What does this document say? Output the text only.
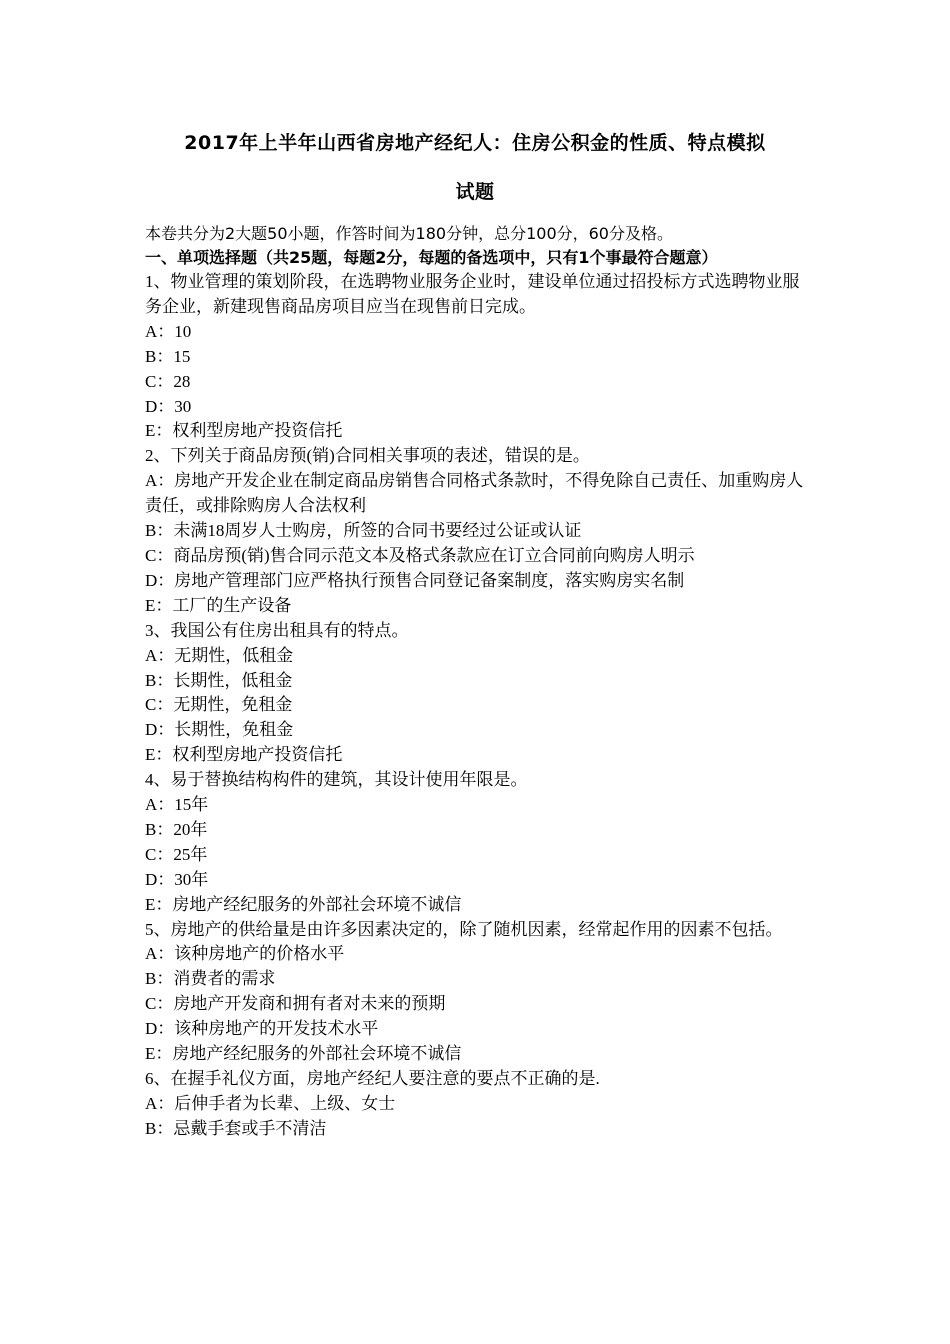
2017年上半年山西省房地产经纪人：住房公积金的性质、特点模拟
试题

本卷共分为2大题50小题，作答时间为180分钟，总分100分，60分及格。

一、单项选择题（共25题，每题2分，每题的备选项中，只有1个事最符合题意）

1、物业管理的策划阶段，在选聘物业服务企业时，建设单位通过招投标方式选聘物业服务企业，新建现售商品房项目应当在现售前日完成。

A：10

B：15

C：28

D：30

E：权利型房地产投资信托

2、下列关于商品房预(销)合同相关事项的表述，错误的是。

A：房地产开发企业在制定商品房销售合同格式条款时，不得免除自己责任、加重购房人责任，或排除购房人合法权利

B：未满18周岁人士购房，所签的合同书要经过公证或认证

C：商品房预(销)售合同示范文本及格式条款应在订立合同前向购房人明示

D：房地产管理部门应严格执行预售合同登记备案制度，落实购房实名制

E：工厂的生产设备

3、我国公有住房出租具有的特点。

A：无期性，低租金

B：长期性，低租金

C：无期性，免租金

D：长期性，免租金

E：权利型房地产投资信托

4、易于替换结构构件的建筑，其设计使用年限是。

A：15年

B：20年

C：25年

D：30年

E：房地产经纪服务的外部社会环境不诚信

5、房地产的供给量是由许多因素决定的，除了随机因素，经常起作用的因素不包括。

A：该种房地产的价格水平

B：消费者的需求

C：房地产开发商和拥有者对未来的预期

D：该种房地产的开发技术水平

E：房地产经纪服务的外部社会环境不诚信

6、在握手礼仪方面，房地产经纪人要注意的要点不正确的是.

A：后伸手者为长辈、上级、女士

B：忌戴手套或手不清洁
